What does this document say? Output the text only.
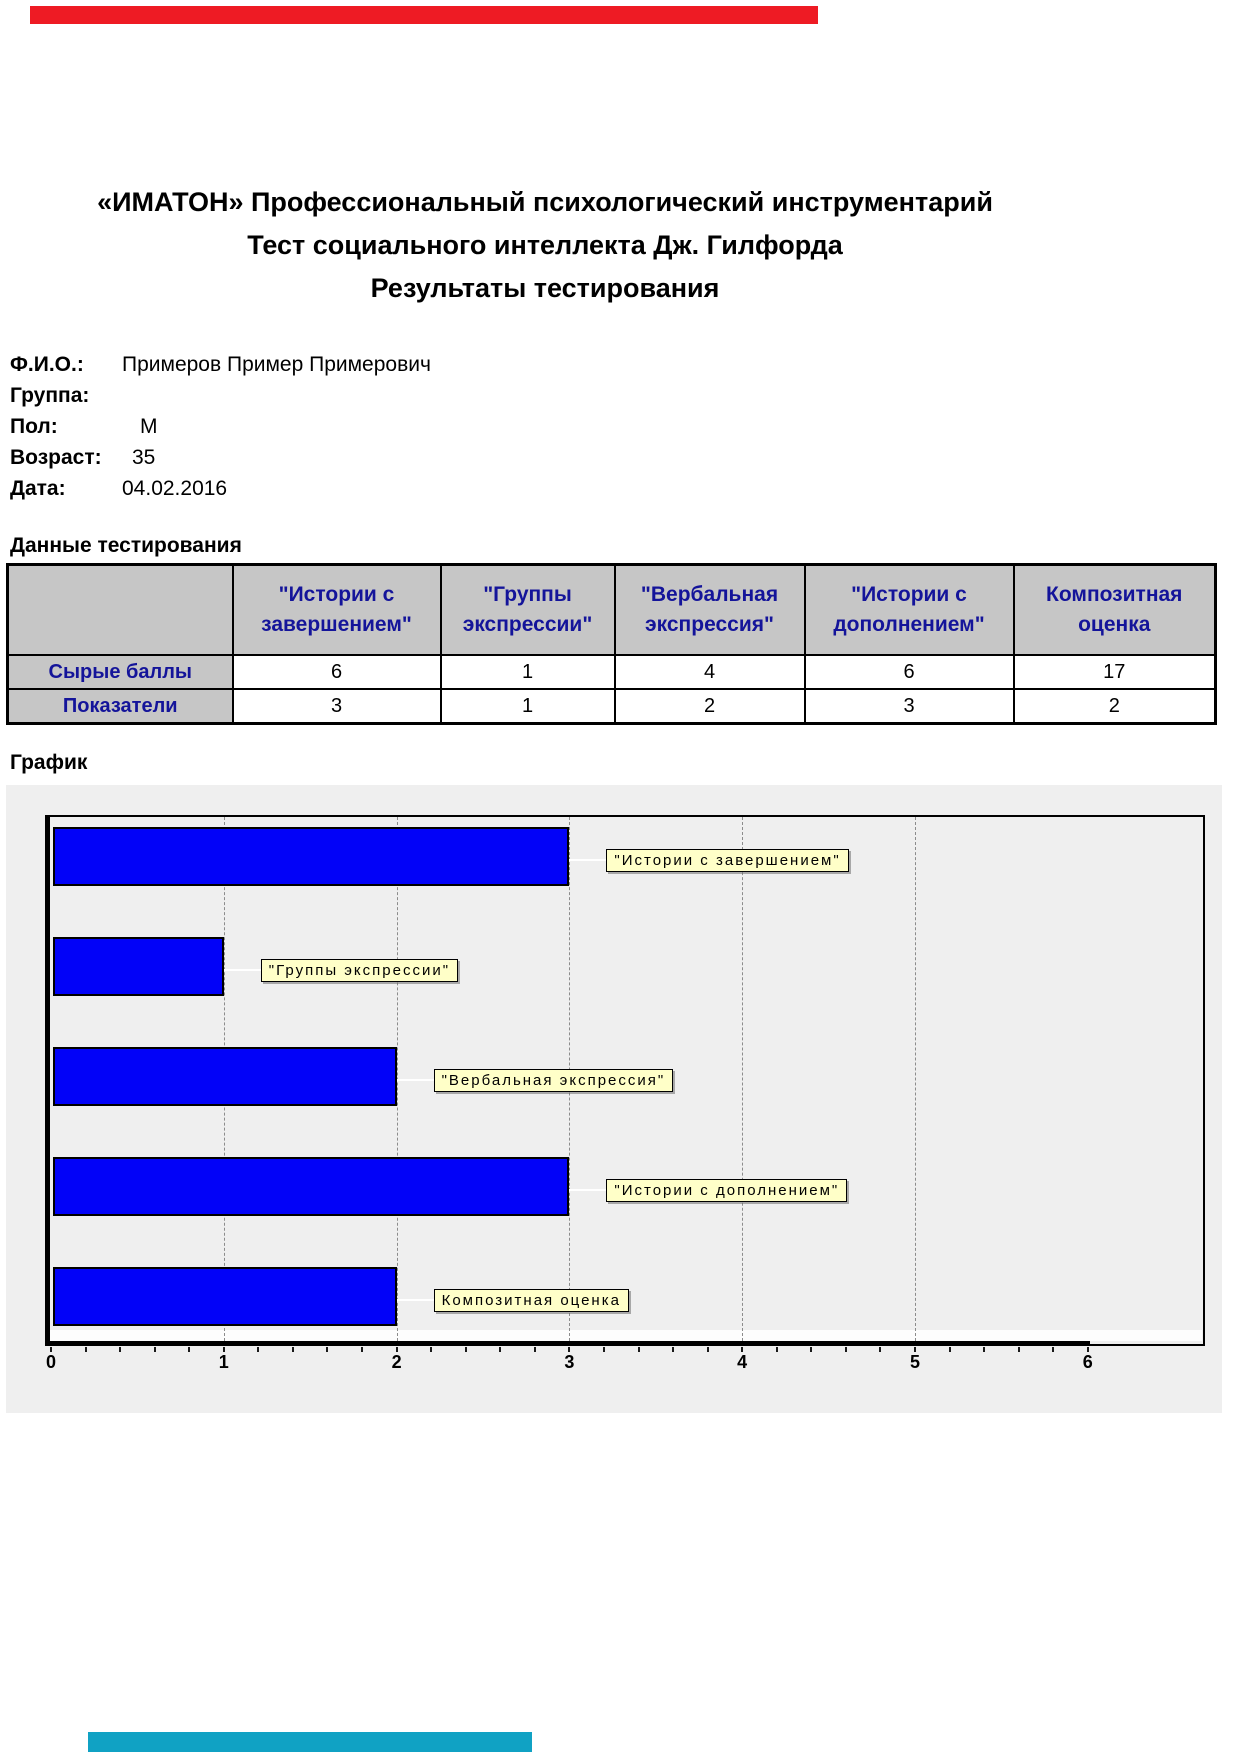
«ИМАТОН» Профессиональный психологический инструментарий
Тест социального интеллекта Дж. Гилфорда
Результаты тестирования
Ф.И.О.: Примеров Пример Примерович
Группа:
Пол:	М
Возраст: 35
Дата:	04.02.2016
Данные тестирования
	"Истории с завершением"	"Группы экспрессии"	"Вербальная экспрессия"	"Истории с дополнением"	Композитная оценка
Сырые баллы	6	1	4	6	17
Показатели	3	1	2	3	2
График
"Истории с завершением"
"Группы экспрессии"
"Вербальная экспрессия"
"Истории с дополнением"
Композитная оценка
0	1	2	3	4	5	6
